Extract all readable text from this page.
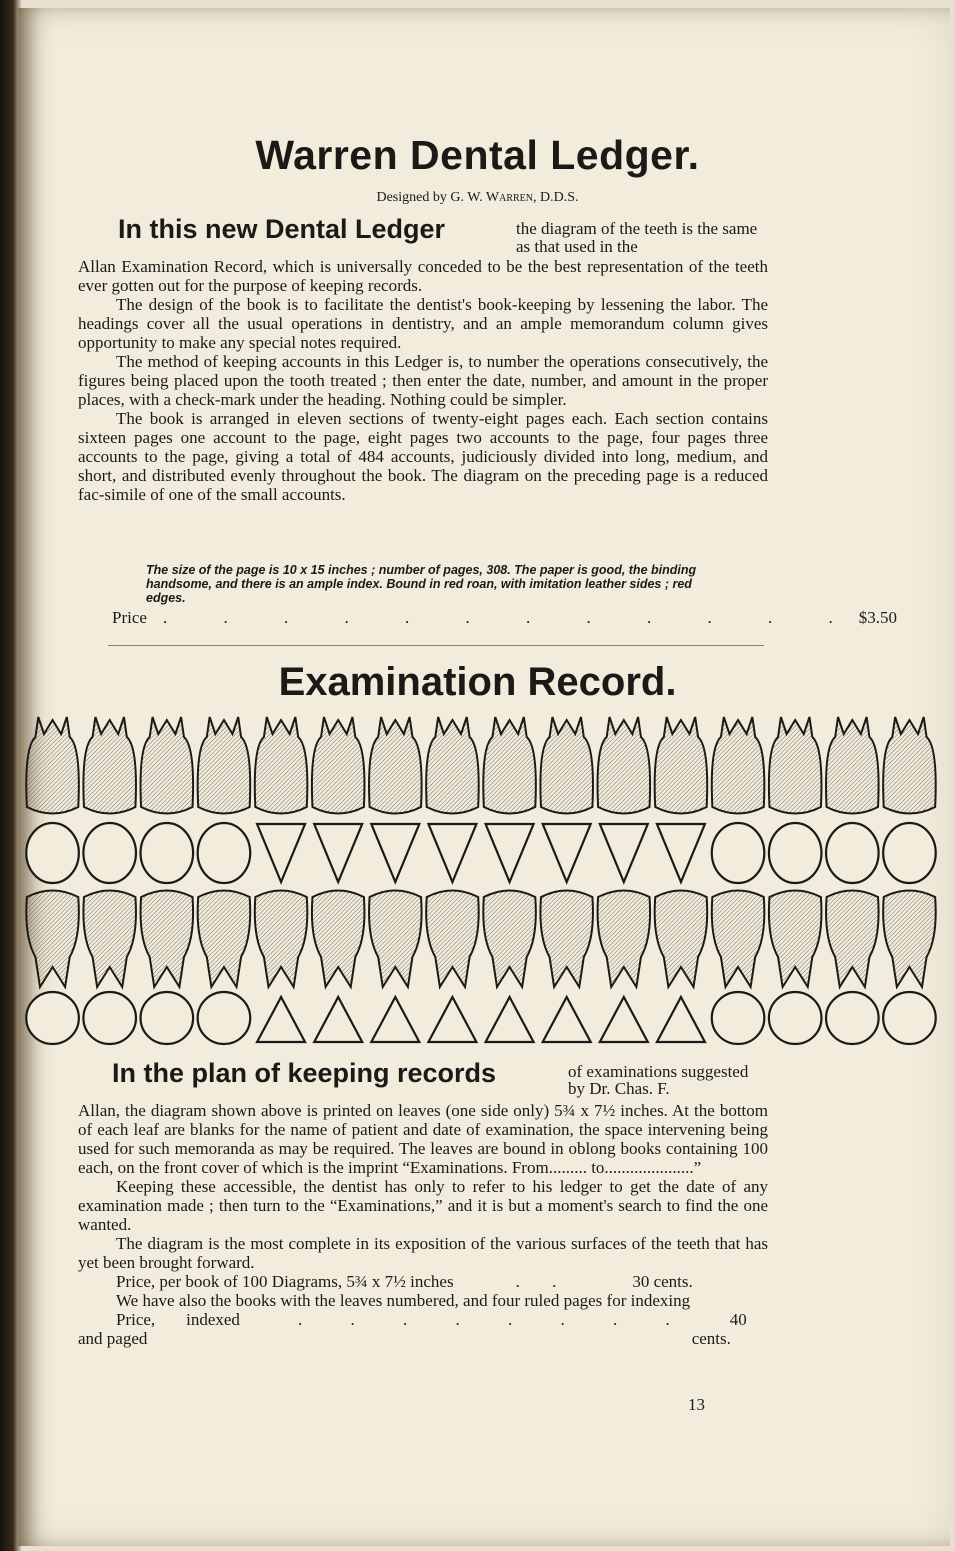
Warren Dental Ledger.
Designed by G. W. Warren, D.D.S.
In this new Dental Ledger	the diagram of the teeth is the same as that used in the

Allan Examination Record, which is universally conceded to be the best representation of the teeth ever gotten out for the purpose of keeping records.

The design of the book is to facilitate the dentist's book-keeping by lessening the labor. The headings cover all the usual operations in dentistry, and an ample memorandum column gives opportunity to make any special notes required.

The method of keeping accounts in this Ledger is, to number the operations consecutively, the figures being placed upon the tooth treated ; then enter the date, number, and amount in the proper places, with a check-mark under the heading. Nothing could be simpler.

The book is arranged in eleven sections of twenty-eight pages each. Each section contains sixteen pages one account to the page, eight pages two accounts to the page, four pages three accounts to the page, giving a total of 484 accounts, judiciously divided into long, medium, and short, and distributed evenly throughout the book. The diagram on the preceding page is a reduced fac-simile of one of the small accounts.

The size of the page is 10 x 15 inches ; number of pages, 308. The paper is good, the binding handsome, and there is an ample index. Bound in red roan, with imitation leather sides ; red edges.
Price . . . . . . . . . . . . $3.50
Examination Record.
In the plan of keeping records	of examinations suggested by Dr. Chas. F.

Allan, the diagram shown above is printed on leaves (one side only) 5¾ x 7½ inches. At the bottom of each leaf are blanks for the name of patient and date of examination, the space intervening being used for such memoranda as may be required. The leaves are bound in oblong books containing 100 each, on the front cover of which is the imprint “Examinations. From......... to.....................”

Keeping these accessible, the dentist has only to refer to his ledger to get the date of any examination made ; then turn to the “Examinations,” and it is but a moment's search to find the one wanted.

The diagram is the most complete in its exposition of the various surfaces of the teeth that has yet been brought forward.

Price, per book of 100 Diagrams, 5¾ x 7½ inches	. .	30 cents.

We have also the books with the leaves numbered, and four ruled pages for indexing

Price, indexed and paged
. . . . . . . .	40 cents.

13
